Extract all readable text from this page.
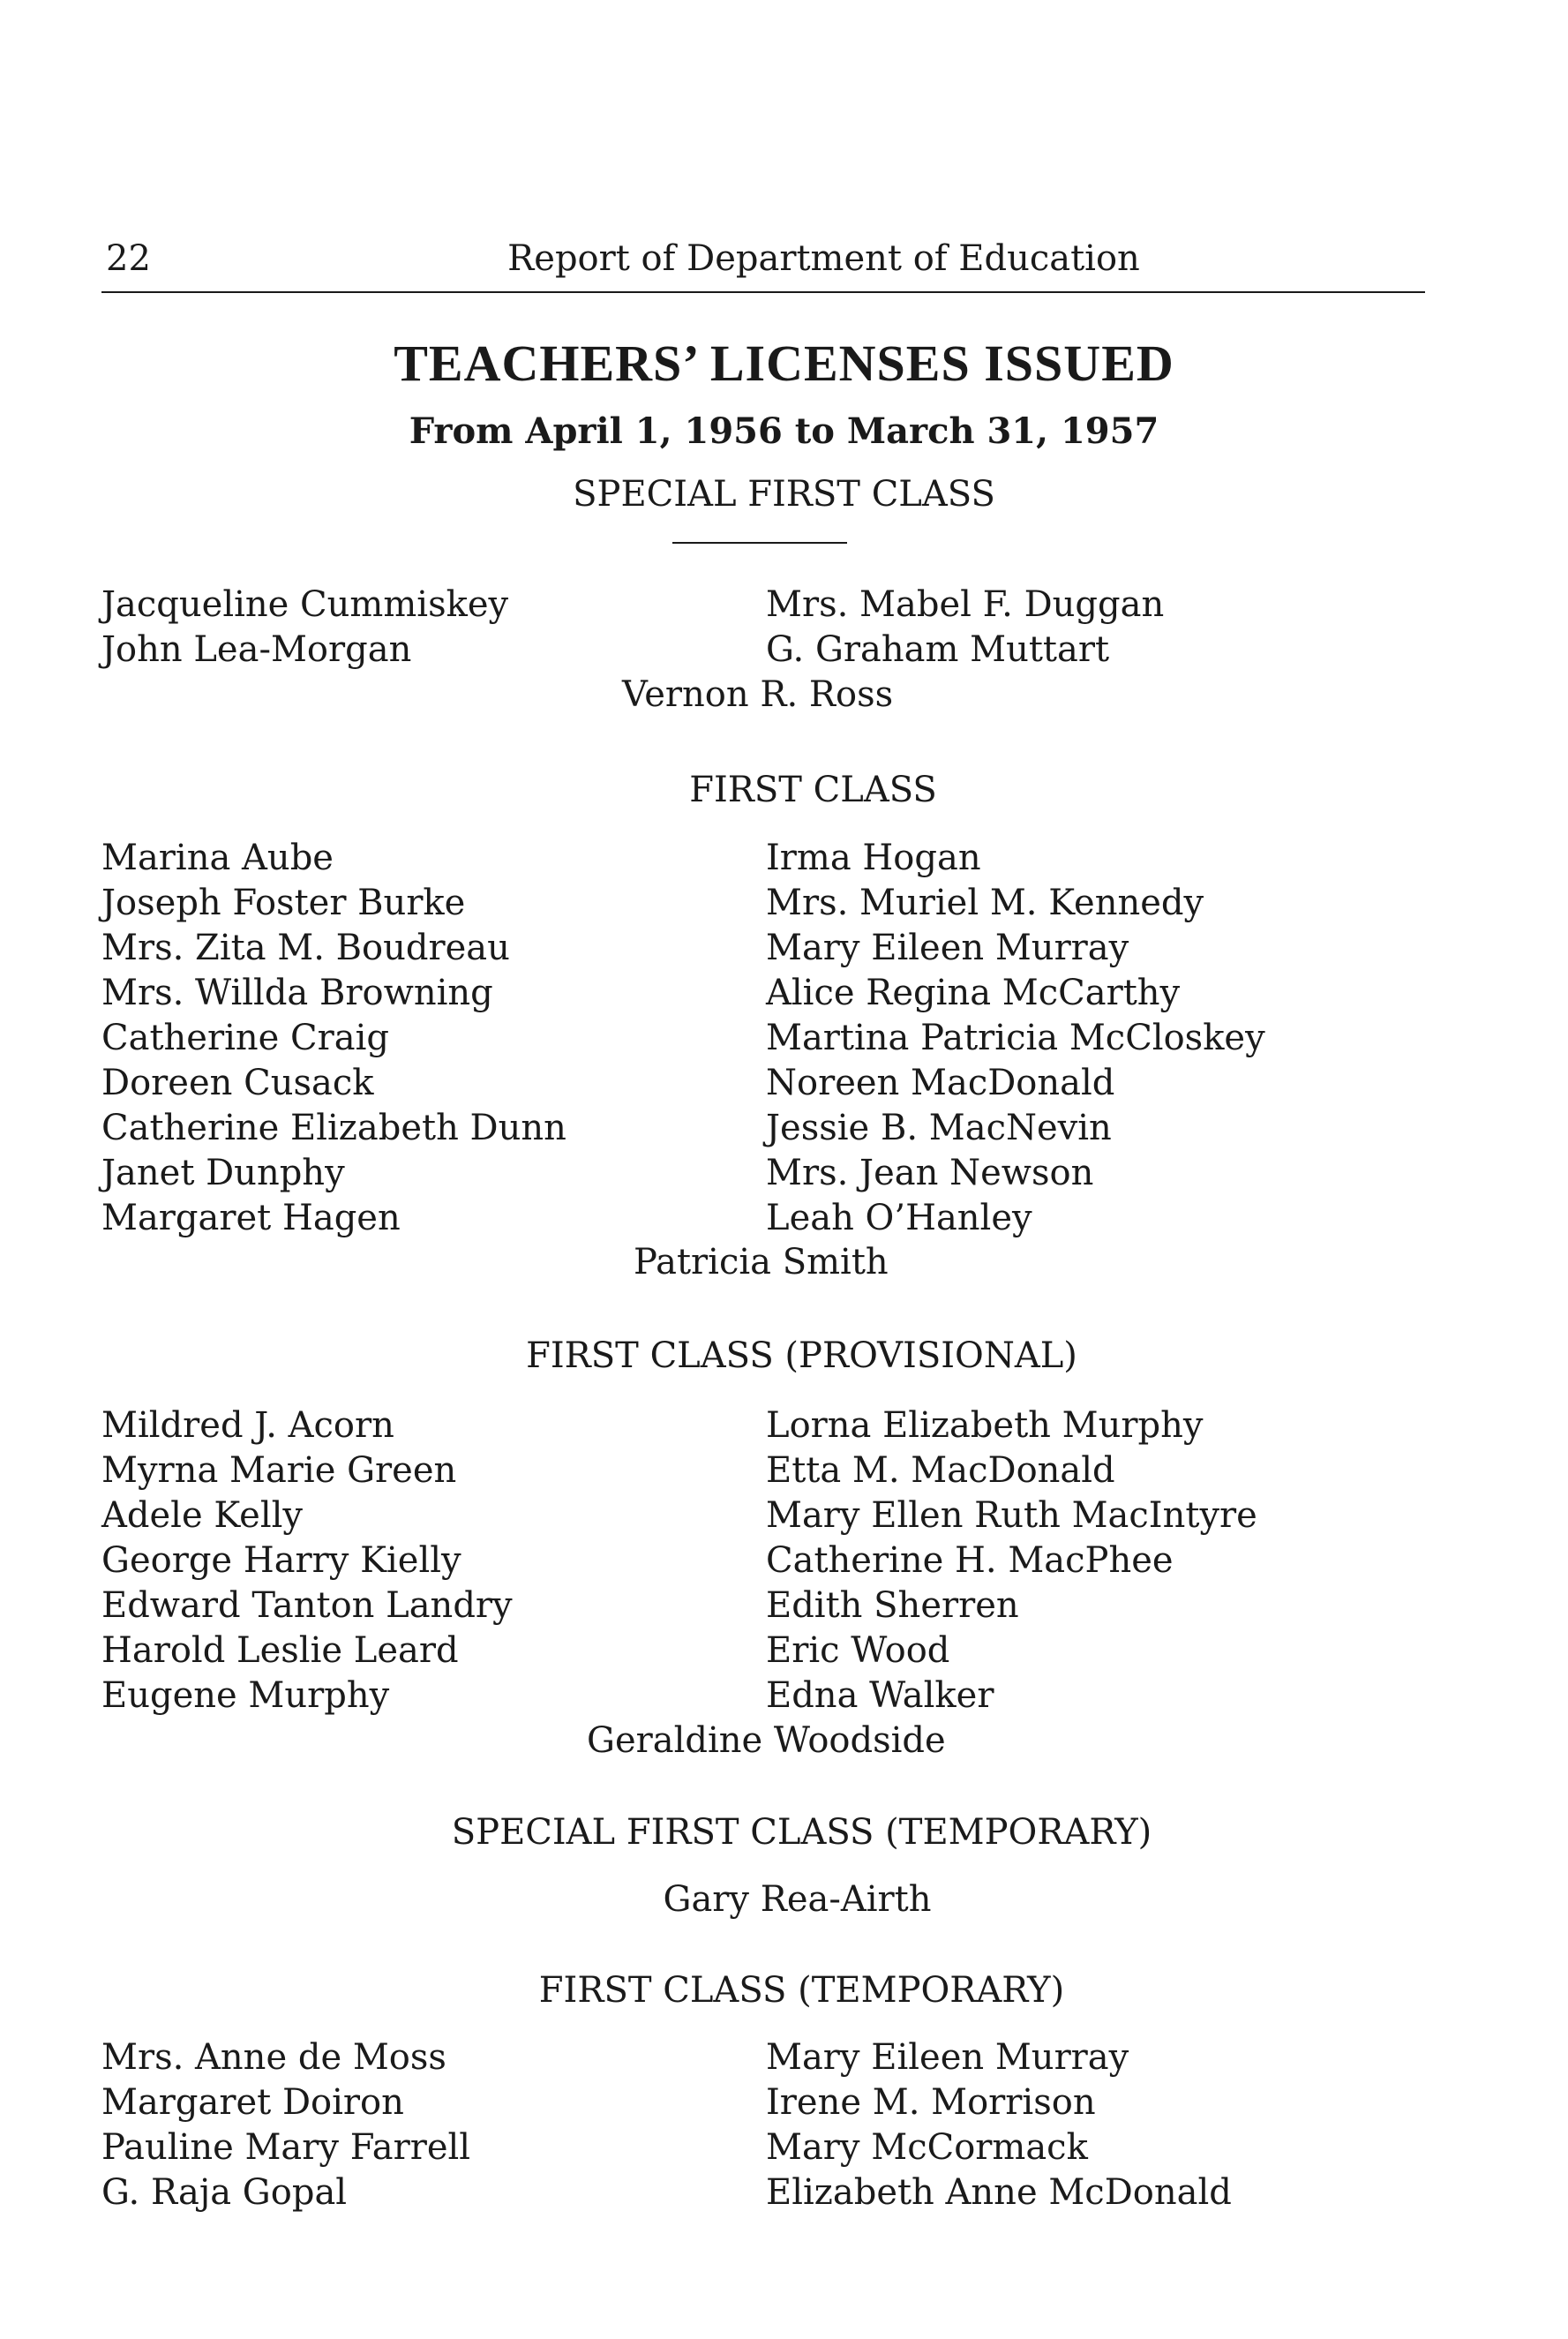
22	Report of Department of Education
TEACHERS’ LICENSES ISSUED
From April 1, 1956 to March 31, 1957
SPECIAL FIRST CLASS
Jacqueline Cummiskey
John Lea-Morgan
Mrs. Mabel F. Duggan
G. Graham Muttart
Vernon R. Ross
FIRST CLASS
Marina Aube
Joseph Foster Burke
Mrs. Zita M. Boudreau
Mrs. Willda Browning
Catherine Craig
Doreen Cusack
Catherine Elizabeth Dunn
Janet Dunphy
Margaret Hagen
Irma Hogan
Mrs. Muriel M. Kennedy
Mary Eileen Murray
Alice Regina McCarthy
Martina Patricia McCloskey
Noreen MacDonald
Jessie B. MacNevin
Mrs. Jean Newson
Leah O’Hanley
Patricia Smith
FIRST CLASS (PROVISIONAL)
Mildred J. Acorn
Myrna Marie Green
Adele Kelly
George Harry Kielly
Edward Tanton Landry
Harold Leslie Leard
Eugene Murphy
Lorna Elizabeth Murphy
Etta M. MacDonald
Mary Ellen Ruth MacIntyre
Catherine H. MacPhee
Edith Sherren
Eric Wood
Edna Walker
Geraldine Woodside
SPECIAL FIRST CLASS (TEMPORARY)
Gary Rea-Airth
FIRST CLASS (TEMPORARY)
Mrs. Anne de Moss
Margaret Doiron
Pauline Mary Farrell
G. Raja Gopal
Mary Eileen Murray
Irene M. Morrison
Mary McCormack
Elizabeth Anne McDonald
